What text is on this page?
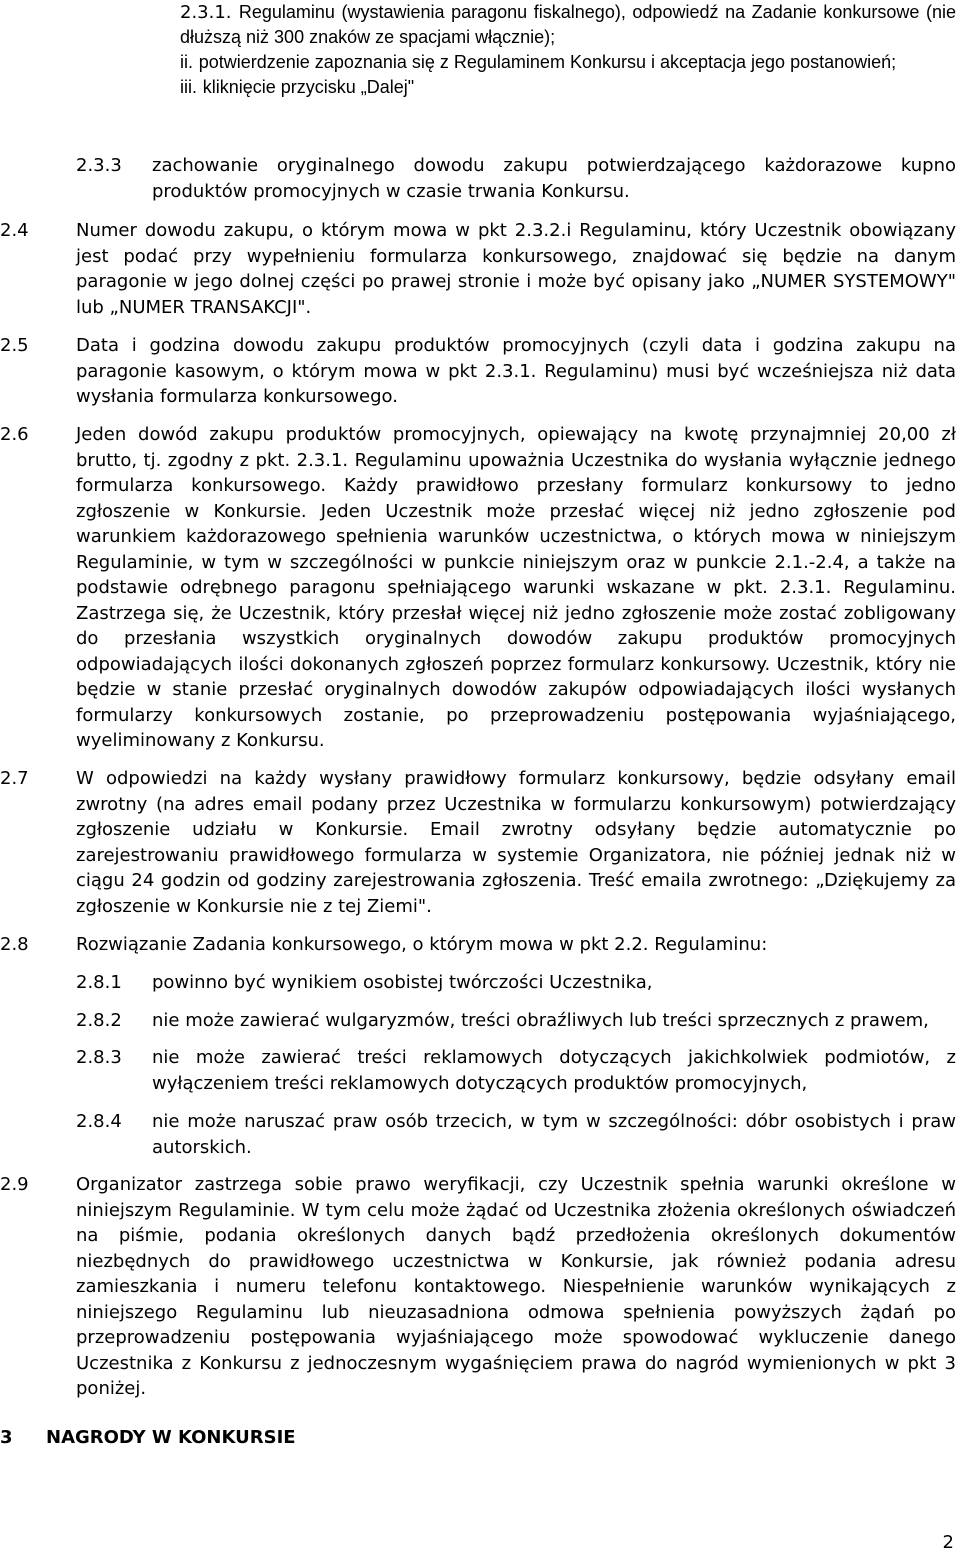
2.3.1. Regulaminu (wystawienia paragonu fiskalnego), odpowiedź na Zadanie konkursowe (nie dłuższą niż 300 znaków ze spacjami włącznie);

ii. potwierdzenie zapoznania się z Regulaminem Konkursu i akceptacja jego postanowień;

iii. kliknięcie przycisku „Dalej"

2.3.3 zachowanie oryginalnego dowodu zakupu potwierdzającego każdorazowe kupno produktów promocyjnych w czasie trwania Konkursu.
2.4	Numer dowodu zakupu, o którym mowa w pkt 2.3.2.i Regulaminu, który Uczestnik obowiązany jest podać przy wypełnieniu formularza konkursowego, znajdować się będzie na danym paragonie w jego dolnej części po prawej stronie i może być opisany jako „NUMER SYSTEMOWY" lub „NUMER TRANSAKCJI".
2.5	Data i godzina dowodu zakupu produktów promocyjnych (czyli data i godzina zakupu na paragonie kasowym, o którym mowa w pkt 2.3.1. Regulaminu) musi być wcześniejsza niż data wysłania formularza konkursowego.
2.6	Jeden dowód zakupu produktów promocyjnych, opiewający na kwotę przynajmniej 20,00 zł brutto, tj. zgodny z pkt. 2.3.1. Regulaminu upoważnia Uczestnika do wysłania wyłącznie jednego formularza konkursowego. Każdy prawidłowo przesłany formularz konkursowy to jedno zgłoszenie w Konkursie. Jeden Uczestnik może przesłać więcej niż jedno zgłoszenie pod warunkiem każdorazowego spełnienia warunków uczestnictwa, o których mowa w niniejszym Regulaminie, w tym w szczególności w punkcie niniejszym oraz w punkcie 2.1.-2.4, a także na podstawie odrębnego paragonu spełniającego warunki wskazane w pkt. 2.3.1. Regulaminu. Zastrzega się, że Uczestnik, który przesłał więcej niż jedno zgłoszenie może zostać zobligowany do przesłania wszystkich oryginalnych dowodów zakupu produktów promocyjnych odpowiadających ilości dokonanych zgłoszeń poprzez formularz konkursowy. Uczestnik, który nie będzie w stanie przesłać oryginalnych dowodów zakupów odpowiadających ilości wysłanych formularzy konkursowych zostanie, po przeprowadzeniu postępowania wyjaśniającego, wyeliminowany z Konkursu.
2.7	W odpowiedzi na każdy wysłany prawidłowy formularz konkursowy, będzie odsyłany email zwrotny (na adres email podany przez Uczestnika w formularzu konkursowym) potwierdzający zgłoszenie udziału w Konkursie. Email zwrotny odsyłany będzie automatycznie po zarejestrowaniu prawidłowego formularza w systemie Organizatora, nie później jednak niż w ciągu 24 godzin od godziny zarejestrowania zgłoszenia. Treść emaila zwrotnego: „Dziękujemy za zgłoszenie w Konkursie nie z tej Ziemi".
2.8	Rozwiązanie Zadania konkursowego, o którym mowa w pkt 2.2. Regulaminu:
2.8.1 powinno być wynikiem osobistej twórczości Uczestnika,
2.8.2 nie może zawierać wulgaryzmów, treści obraźliwych lub treści sprzecznych z prawem,
2.8.3 nie może zawierać treści reklamowych dotyczących jakichkolwiek podmiotów, z wyłączeniem treści reklamowych dotyczących produktów promocyjnych,
2.8.4 nie może naruszać praw osób trzecich, w tym w szczególności: dóbr osobistych i praw autorskich.
2.9	Organizator zastrzega sobie prawo weryfikacji, czy Uczestnik spełnia warunki określone w niniejszym Regulaminie. W tym celu może żądać od Uczestnika złożenia określonych oświadczeń na piśmie, podania określonych danych bądź przedłożenia określonych dokumentów niezbędnych do prawidłowego uczestnictwa w Konkursie, jak również podania adresu zamieszkania i numeru telefonu kontaktowego. Niespełnienie warunków wynikających z niniejszego Regulaminu lub nieuzasadniona odmowa spełnienia powyższych żądań po przeprowadzeniu postępowania wyjaśniającego może spowodować wykluczenie danego Uczestnika z Konkursu z jednoczesnym wygaśnięciem prawa do nagród wymienionych w pkt 3 poniżej.
3 NAGRODY W KONKURSIE
2
